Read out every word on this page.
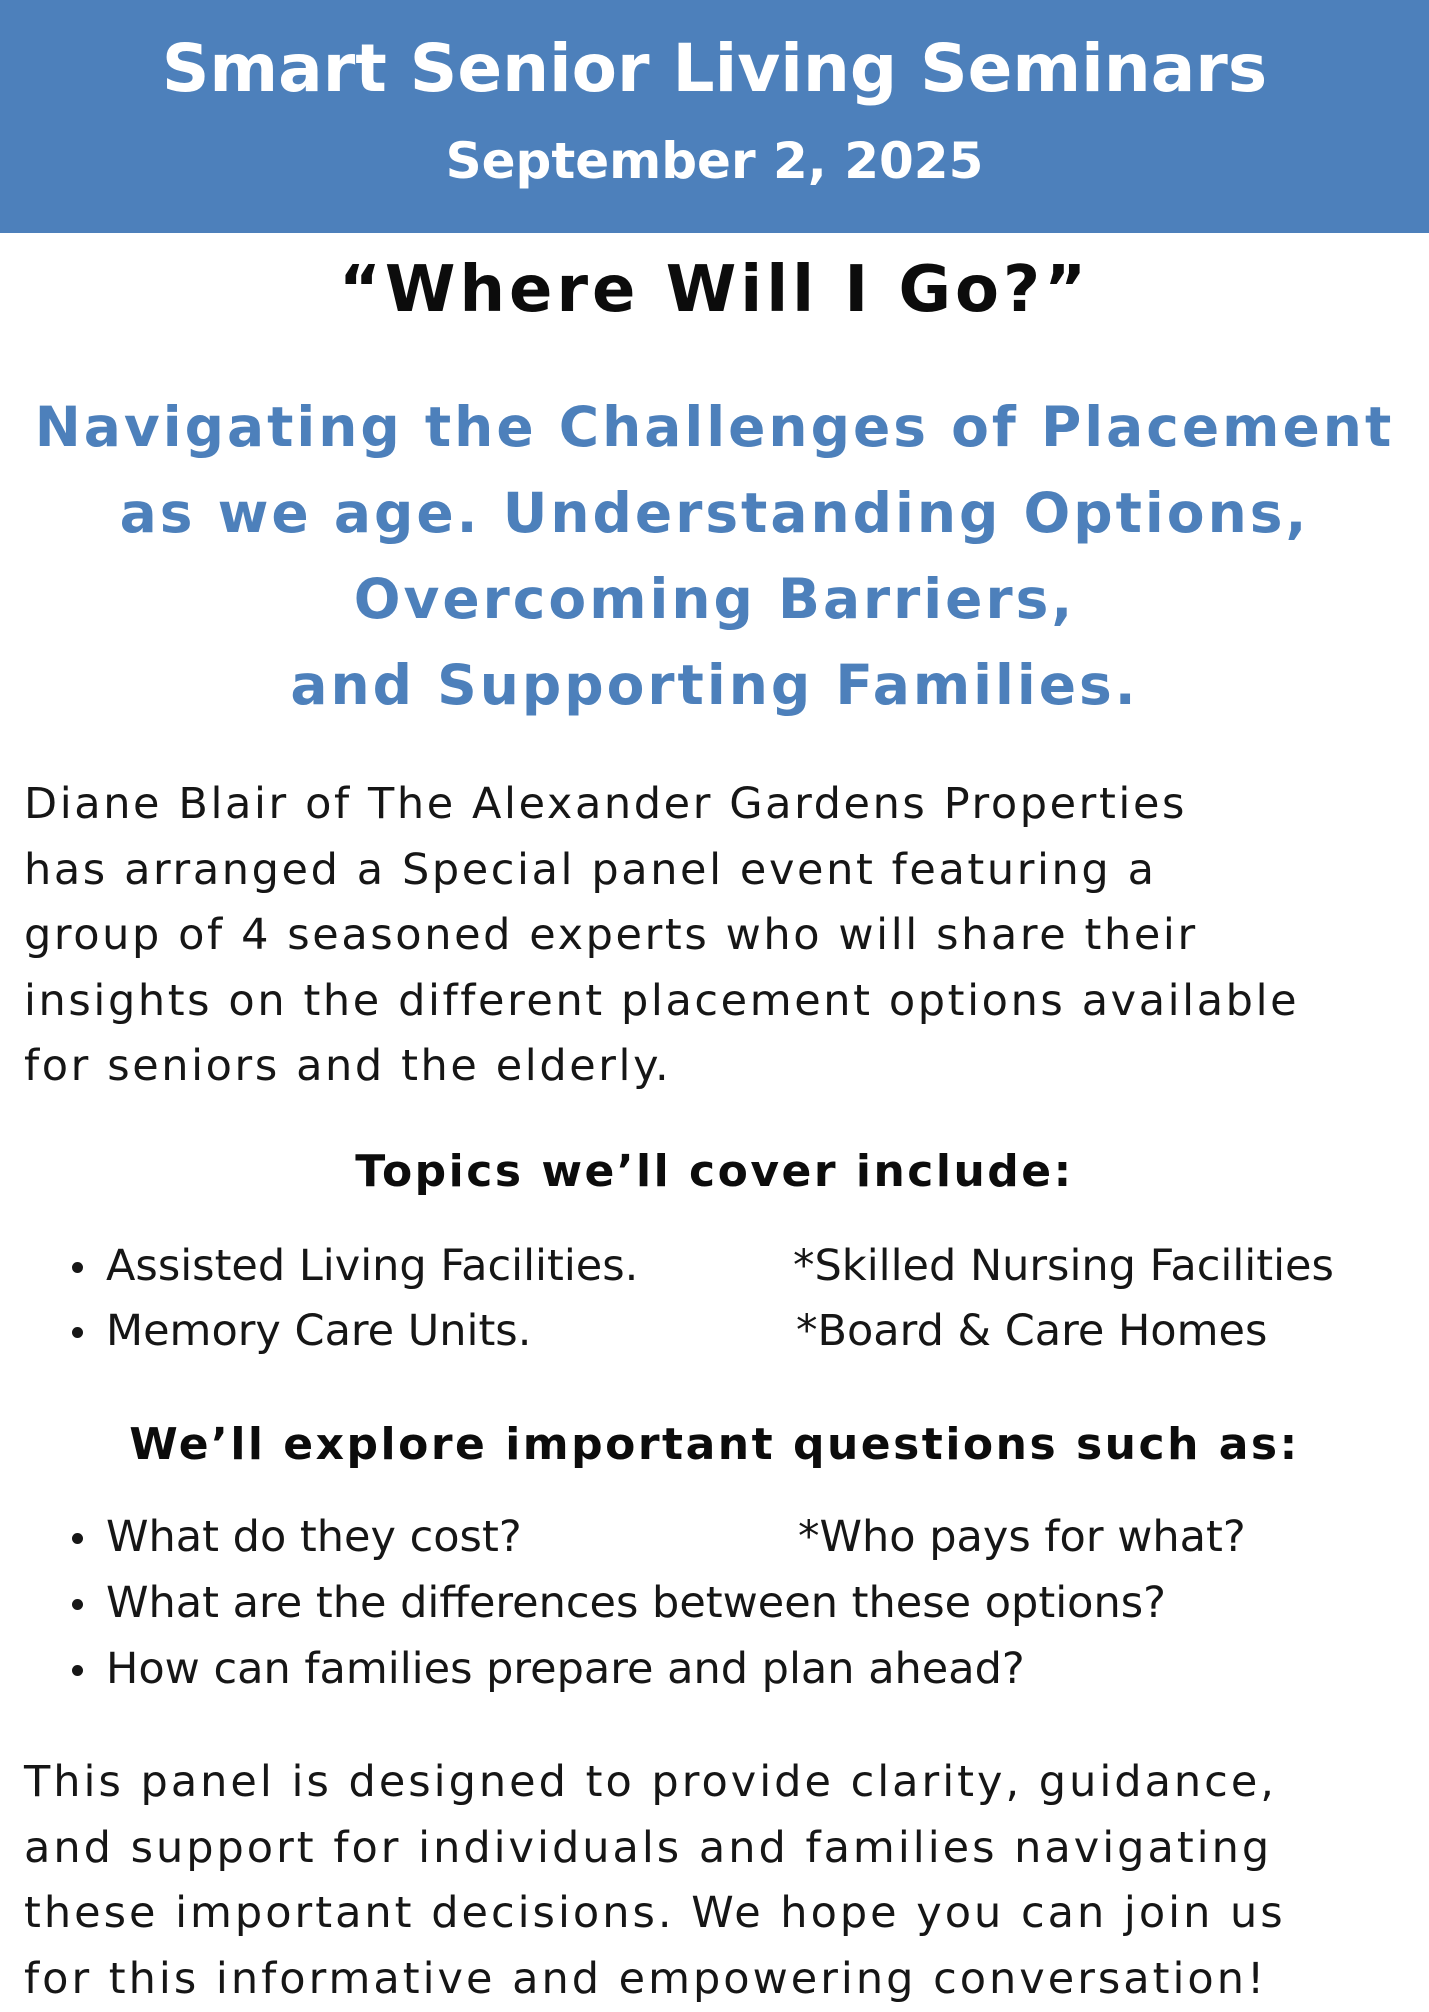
Smart Senior Living Seminars
September 2, 2025
“Where Will I Go?”
Navigating the Challenges of Placement
as we age. Understanding Options,
Overcoming Barriers,
and Supporting Families.
Diane Blair of The Alexander Gardens Properties
has arranged a Special panel event featuring a
group of 4 seasoned experts who will share their
insights on the different placement options available
for seniors and the elderly.
Topics we’ll cover include:
Assisted Living Facilities.	*Skilled Nursing Facilities
Memory Care Units.	*Board & Care Homes
We’ll explore important questions such as:
What do they cost?	*Who pays for what?
What are the differences between these options?
How can families prepare and plan ahead?
This panel is designed to provide clarity, guidance,
and support for individuals and families navigating
these important decisions. We hope you can join us
for this informative and empowering conversation!
